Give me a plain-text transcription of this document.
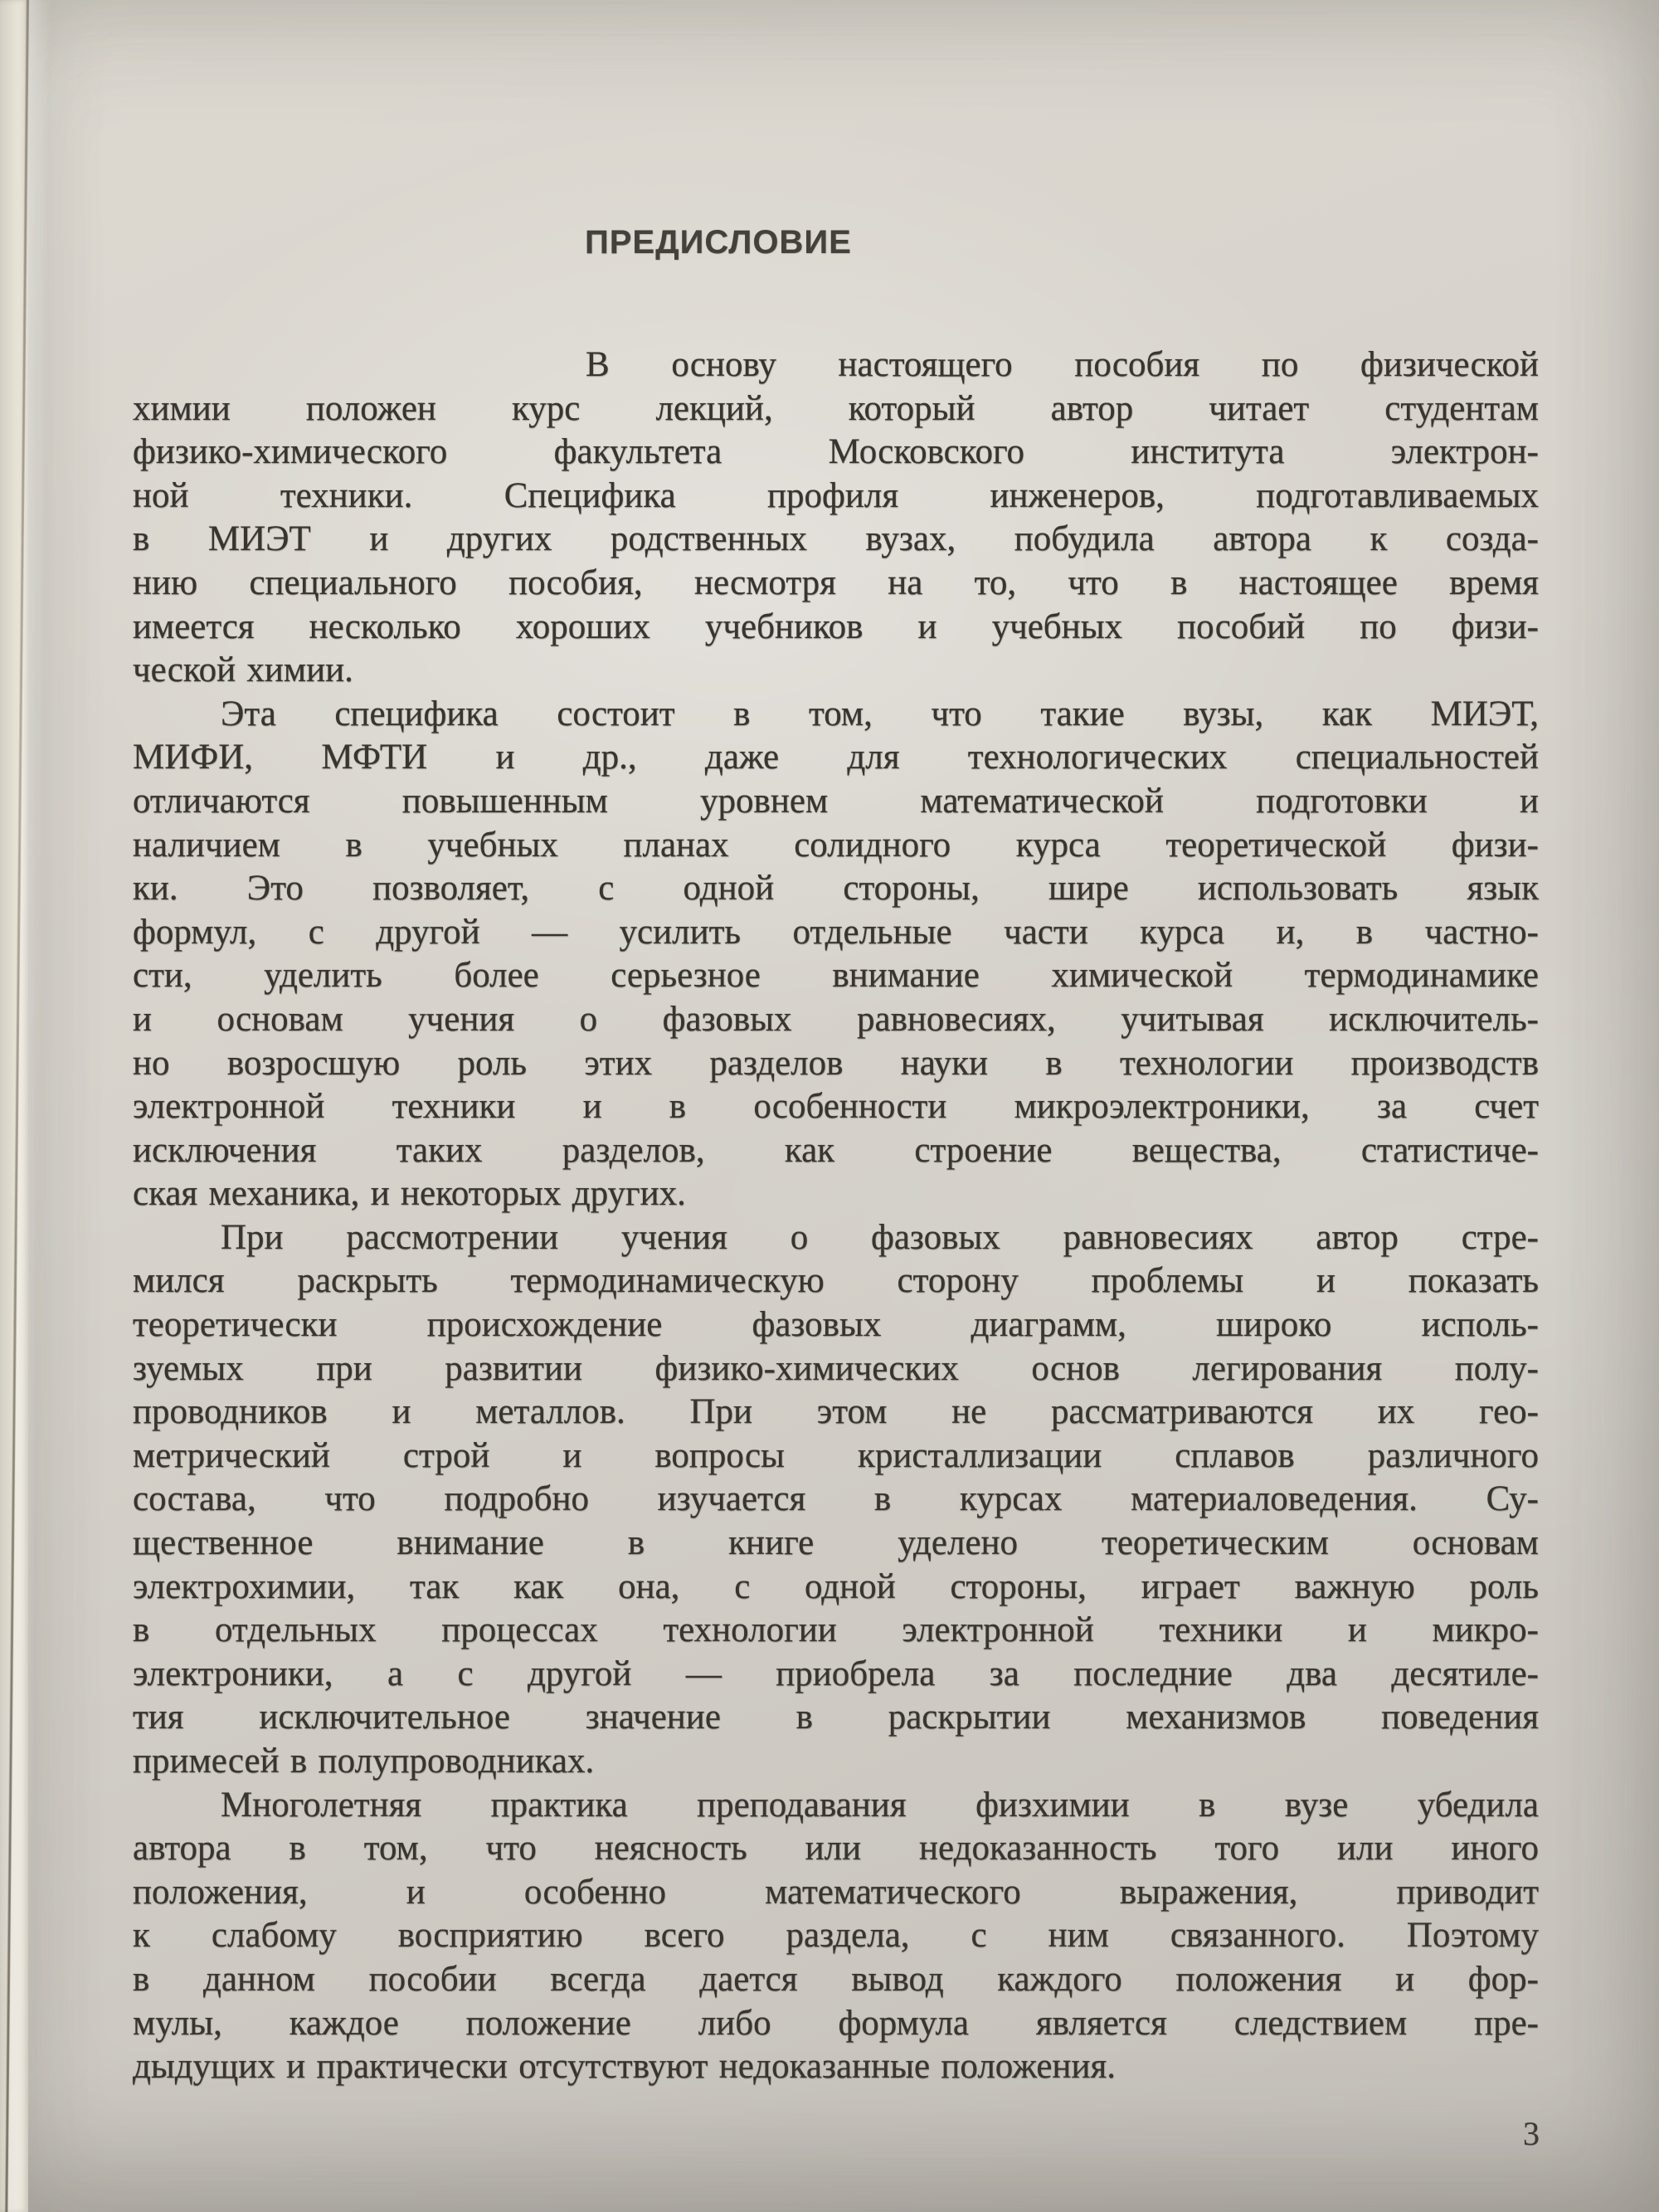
ПРЕДИСЛОВИЕ
В основу настоящего пособия по физической
химии положен курс лекций, который автор читает студентам
физико-химического факультета Московского института электрон-
ной техники. Специфика профиля инженеров, подготавливаемых
в МИЭТ и других родственных вузах, побудила автора к созда-
нию специального пособия, несмотря на то, что в настоящее время
имеется несколько хороших учебников и учебных пособий по физи-
ческой химии.
Эта специфика состоит в том, что такие вузы, как МИЭТ,
МИФИ, МФТИ и др., даже для технологических специальностей
отличаются повышенным уровнем математической подготовки и
наличием в учебных планах солидного курса теоретической физи-
ки. Это позволяет, с одной стороны, шире использовать язык
формул, с другой — усилить отдельные части курса и, в частно-
сти, уделить более серьезное внимание химической термодинамике
и основам учения о фазовых равновесиях, учитывая исключитель-
но возросшую роль этих разделов науки в технологии производств
электронной техники и в особенности микроэлектроники, за счет
исключения таких разделов, как строение вещества, статистиче-
ская механика, и некоторых других.
При рассмотрении учения о фазовых равновесиях автор стре-
мился раскрыть термодинамическую сторону проблемы и показать
теоретически происхождение фазовых диаграмм, широко исполь-
зуемых при развитии физико-химических основ легирования полу-
проводников и металлов. При этом не рассматриваются их гео-
метрический строй и вопросы кристаллизации сплавов различного
состава, что подробно изучается в курсах материаловедения. Су-
щественное внимание в книге уделено теоретическим основам
электрохимии, так как она, с одной стороны, играет важную роль
в отдельных процессах технологии электронной техники и микро-
электроники, а с другой — приобрела за последние два десятиле-
тия исключительное значение в раскрытии механизмов поведения
примесей в полупроводниках.
Многолетняя практика преподавания физхимии в вузе убедила
автора в том, что неясность или недоказанность того или иного
положения, и особенно математического выражения, приводит
к слабому восприятию всего раздела, с ним связанного. Поэтому
в данном пособии всегда дается вывод каждого положения и фор-
мулы, каждое положение либо формула является следствием пре-
дыдущих и практически отсутствуют недоказанные положения.
3
